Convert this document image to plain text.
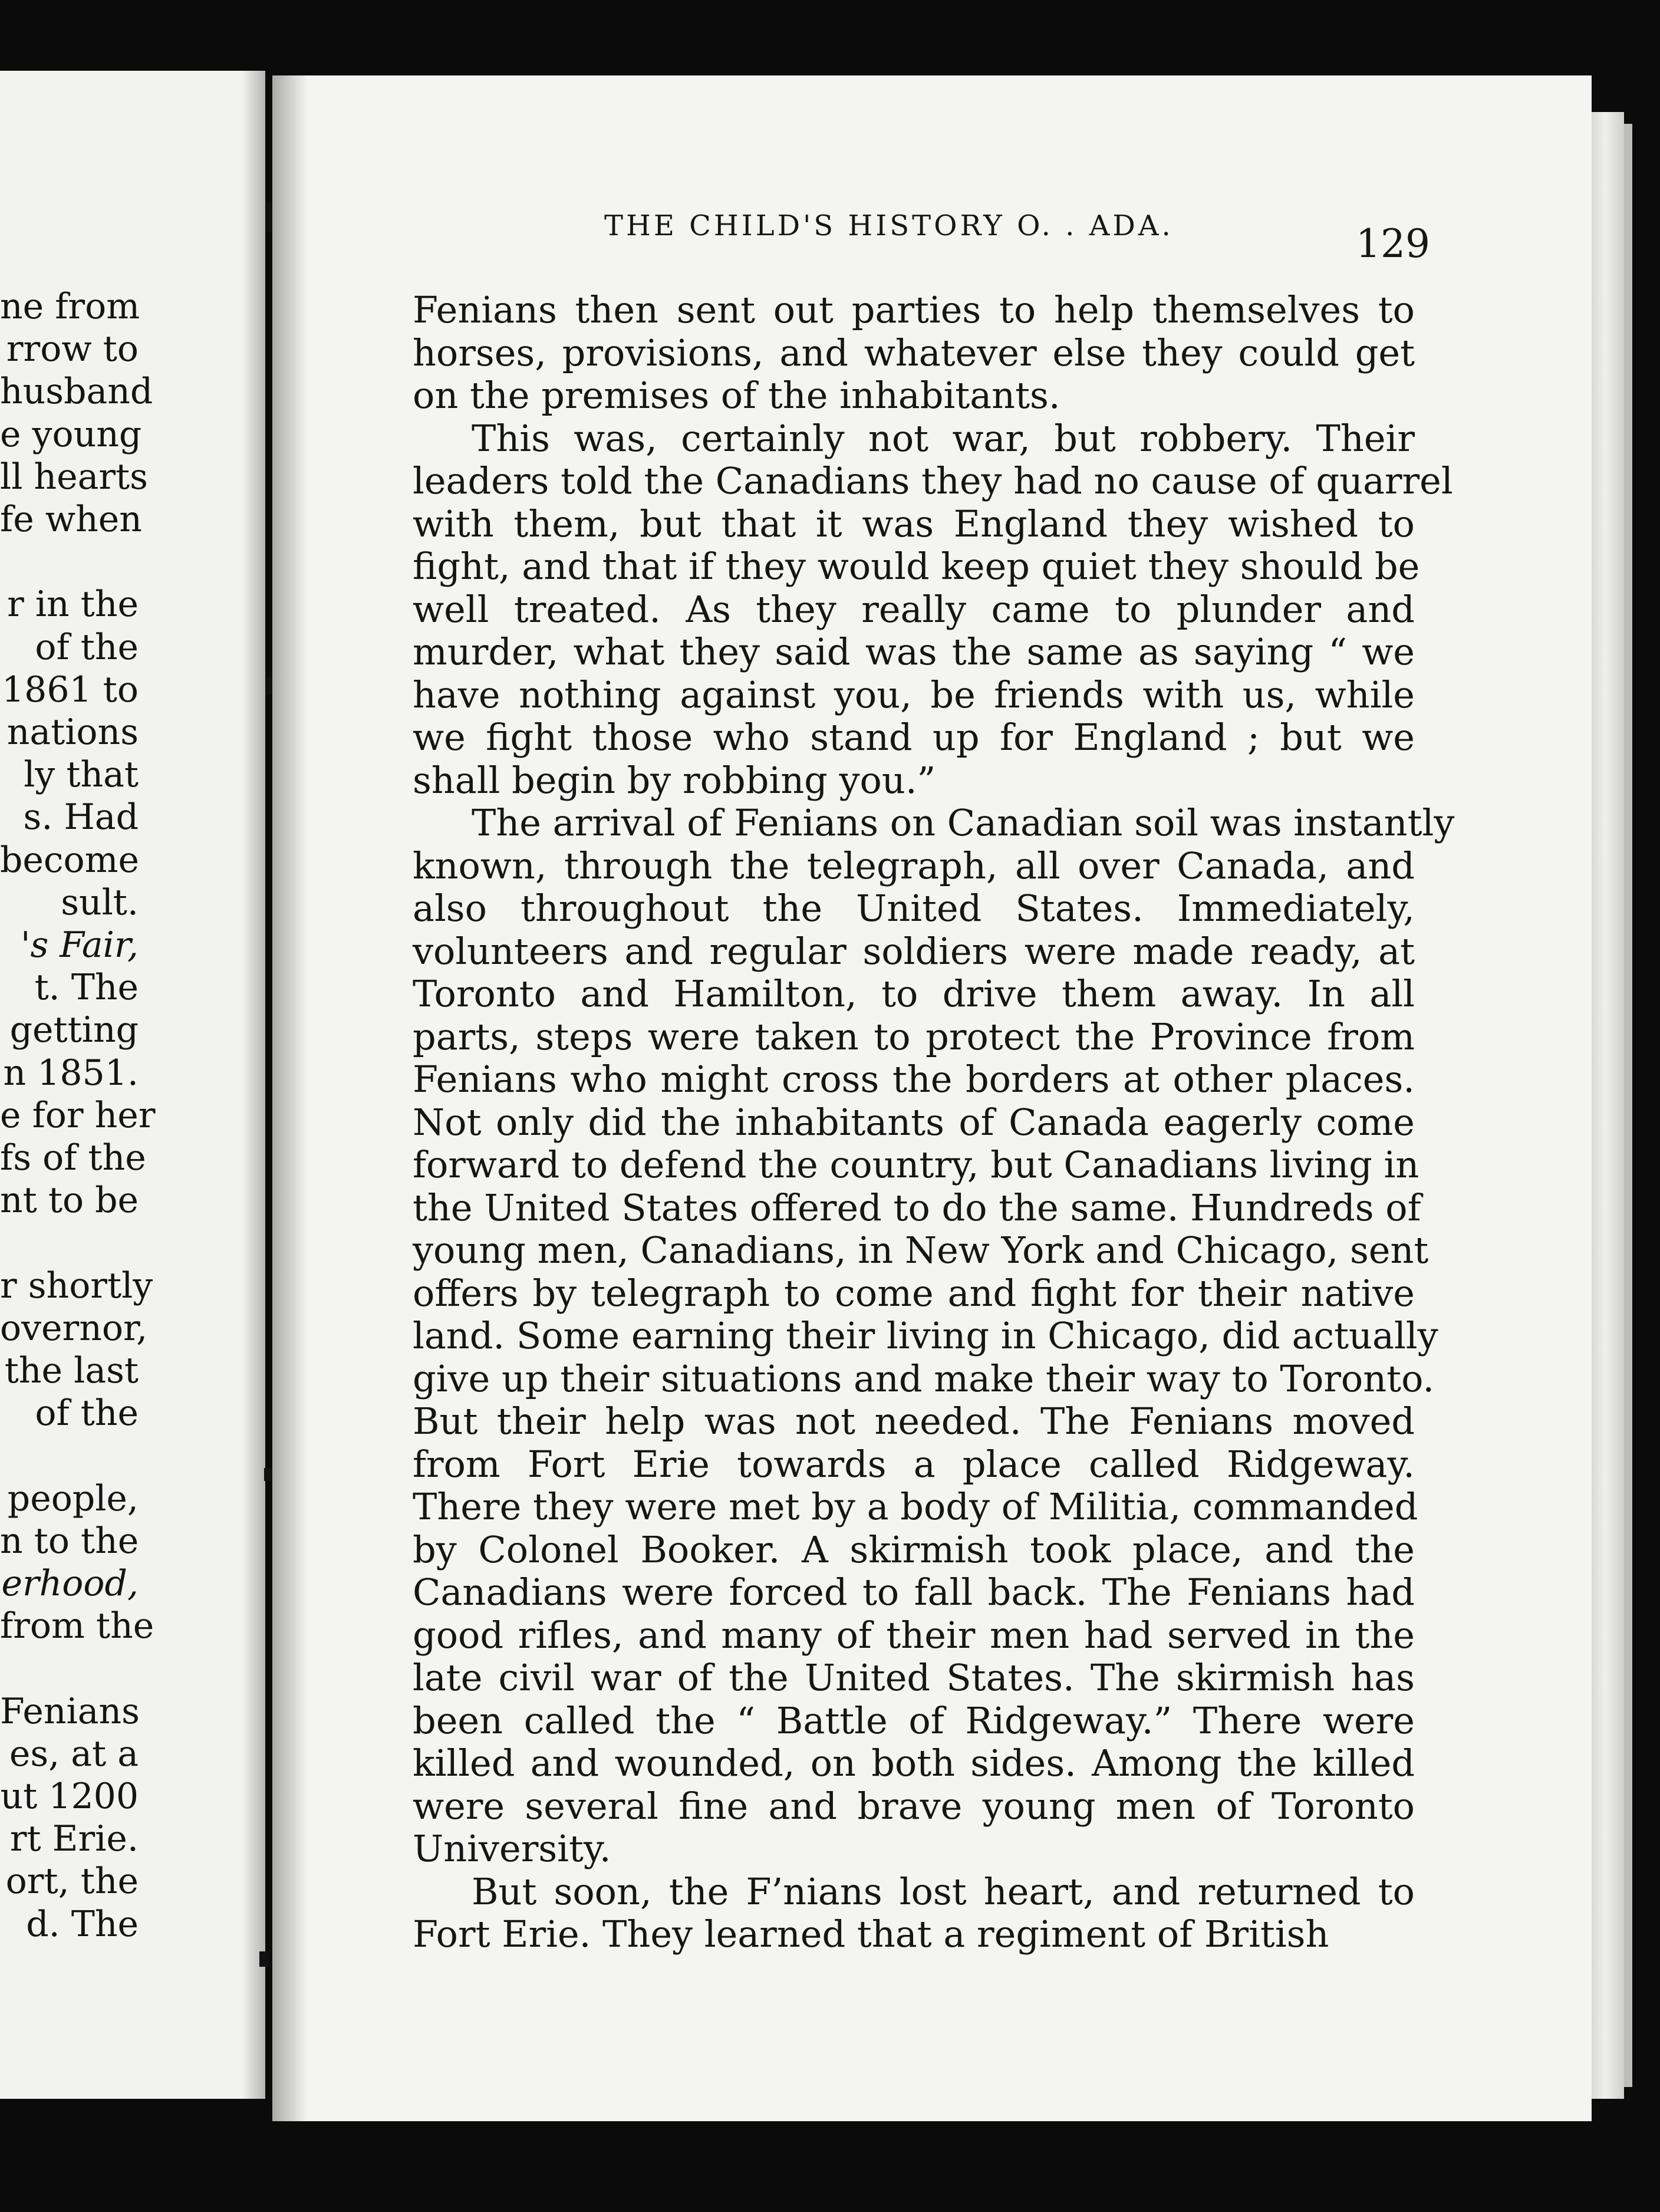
ne from
rrow to
husband
e young
ll hearts
fe when
r in the
of the
1861 to
nations
ly that
s. Had
become
sult.
's Fair,
t. The
getting
n 1851.
e for her
fs of the
nt to be
r shortly
overnor,
the last
of the
people,
n to the
erhood,
from the
Fenians
es, at a
ut 1200
rt Erie.
ort, the
d. The
THE CHILD'S HISTORY O. . ADA.	129
Fenians then sent out parties to help themselves to
horses, provisions, and whatever else they could get
on the premises of the inhabitants.
This was, certainly not war, but robbery. Their
leaders told the Canadians they had no cause of quarrel
with them, but that it was England they wished to
fight, and that if they would keep quiet they should be
well treated. As they really came to plunder and
murder, what they said was the same as saying “ we
have nothing against you, be friends with us, while
we fight those who stand up for England ; but we
shall begin by robbing you.”
The arrival of Fenians on Canadian soil was instantly
known, through the telegraph, all over Canada, and
also throughout the United States. Immediately,
volunteers and regular soldiers were made ready, at
Toronto and Hamilton, to drive them away. In all
parts, steps were taken to protect the Province from
Fenians who might cross the borders at other places.
Not only did the inhabitants of Canada eagerly come
forward to defend the country, but Canadians living in
the United States offered to do the same. Hundreds of
young men, Canadians, in New York and Chicago, sent
offers by telegraph to come and fight for their native
land. Some earning their living in Chicago, did actually
give up their situations and make their way to Toronto.
But their help was not needed. The Fenians moved
from Fort Erie towards a place called Ridgeway.
There they were met by a body of Militia, commanded
by Colonel Booker. A skirmish took place, and the
Canadians were forced to fall back. The Fenians had
good rifles, and many of their men had served in the
late civil war of the United States. The skirmish has
been called the “ Battle of Ridgeway.” There were
killed and wounded, on both sides. Among the killed
were several fine and brave young men of Toronto
University.
But soon, the F’nians lost heart, and returned to
Fort Erie. They learned that a regiment of British
